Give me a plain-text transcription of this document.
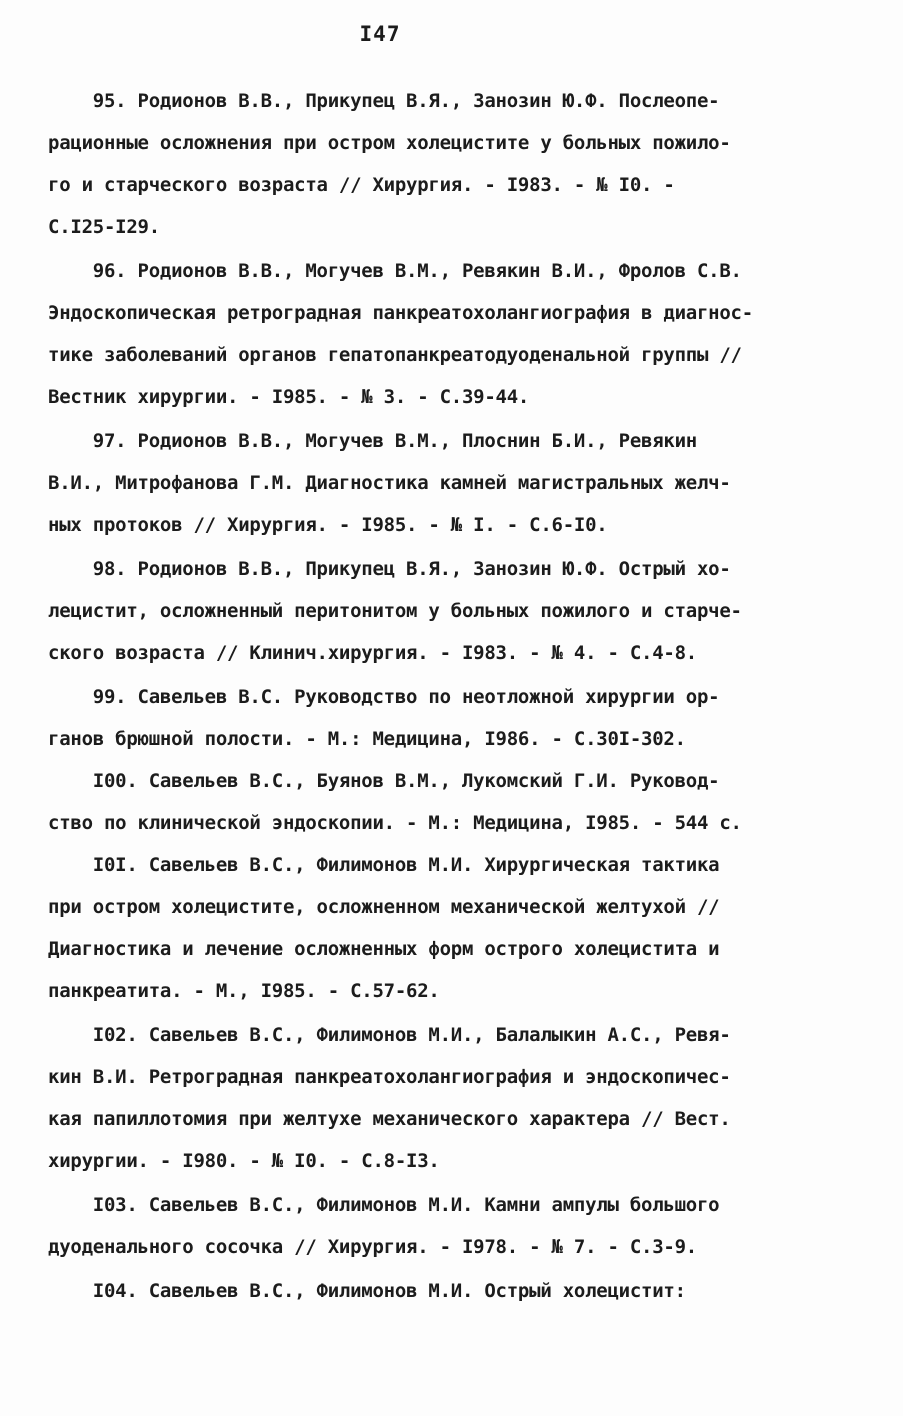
I47
95. Родионов В.В., Прикупец В.Я., Занозин Ю.Ф. Послеопе-
рационные осложнения при остром холецистите у больных пожило-
го и старческого возраста // Хирургия. - I983. - № I0. -
С.I25-I29.
96. Родионов В.В., Могучев В.М., Ревякин В.И., Фролов С.В.
Эндоскопическая ретроградная панкреатохолангиография в диагнос-
тике заболеваний органов гепатопанкреатодуоденальной группы //
Вестник хирургии. - I985. - № 3. - С.39-44.
97. Родионов В.В., Могучев В.М., Плоснин Б.И., Ревякин
В.И., Митрофанова Г.М. Диагностика камней магистральных желч-
ных протоков // Хирургия. - I985. - № I. - С.6-I0.
98. Родионов В.В., Прикупец В.Я., Занозин Ю.Ф. Острый хо-
лецистит, осложненный перитонитом у больных пожилого и старче-
ского возраста // Клинич.хирургия. - I983. - № 4. - С.4-8.
99. Савельев В.С. Руководство по неотложной хирургии ор-
ганов брюшной полости. - М.: Медицина, I986. - С.30I-302.
I00. Савельев В.С., Буянов В.М., Лукомский Г.И. Руковод-
ство по клинической эндоскопии. - М.: Медицина, I985. - 544 с.
I0I. Савельев В.С., Филимонов М.И. Хирургическая тактика
при остром холецистите, осложненном механической желтухой //
Диагностика и лечение осложненных форм острого холецистита и
панкреатита. - М., I985. - С.57-62.
I02. Савельев В.С., Филимонов М.И., Балалыкин А.С., Ревя-
кин В.И. Ретроградная панкреатохолангиография и эндоскопичес-
кая папиллотомия при желтухе механического характера // Вест.
хирургии. - I980. - № I0. - С.8-I3.
I03. Савельев В.С., Филимонов М.И. Камни ампулы большого
дуоденального сосочка // Хирургия. - I978. - № 7. - С.3-9.
I04. Савельев В.С., Филимонов М.И. Острый холецистит:
